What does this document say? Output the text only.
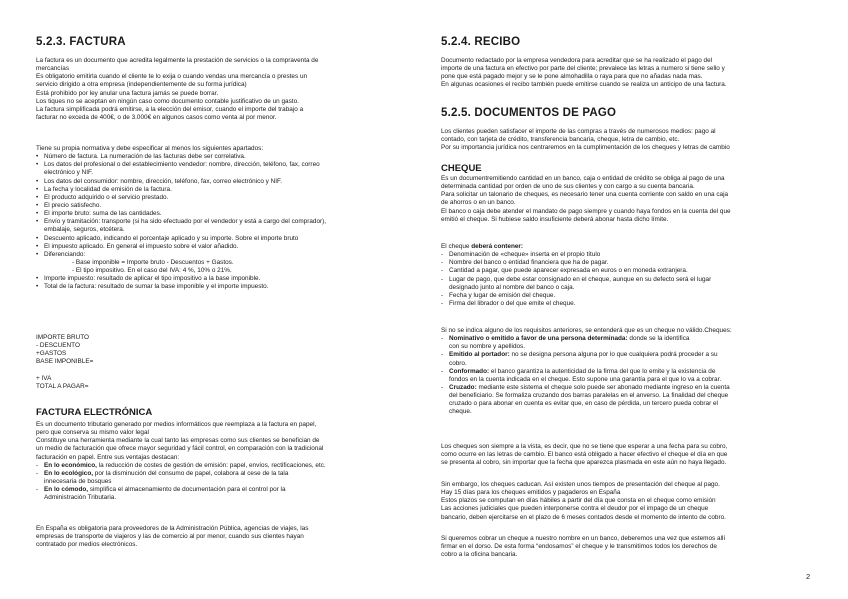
5.2.3. FACTURA
La factura es un documento que acredita legalmente la prestación de servicios o la compraventa de
mercancías
Es obligatorio emitirla cuando el cliente te lo exija o cuando vendas una mercancía o prestes un
servicio dirigido a otra empresa (independientemente de su forma jurídica)
Está prohibido por ley anular una factura jamás se puede borrar.
Los tiques no se aceptan en ningún caso como documento contable justificativo de un gasto.
La factura simplificada podrá emitirse, a la elección del emisor, cuando el importe del trabajo a
facturar no exceda de 400€, o de 3.000€ en algunos casos como venta al por menor.
Tiene su propia normativa y debe especificar al menos los siguientes apartados:
• Número de factura. La numeración de las facturas debe ser correlativa.
• Los datos del profesional o del establecimiento vendedor: nombre, dirección, teléfono, fax, correo
electrónico y NIF.
• Los datos del consumidor: nombre, dirección, teléfono, fax, correo electrónico y NIF.
• La fecha y localidad de emisión de la factura.
• El producto adquirido o el servicio prestado.
• El precio satisfecho.
• El importe bruto: suma de las cantidades.
• Envío y tramitación: transporte (si ha sido efectuado por el vendedor y está a cargo del comprador),
embalaje, seguros, etcétera.
• Descuento aplicado, indicando el porcentaje aplicado y su importe. Sobre el importe bruto
• El impuesto aplicado. En general el impuesto sobre el valor añadido.
• Diferenciando:
- Base imponible = Importe bruto - Descuentos + Gastos.
- El tipo impositivo. En el caso del IVA: 4 %, 10% o 21%.
• Importe impuesto: resultado de aplicar el tipo impositivo a la base imponible.
• Total de la factura: resultado de sumar la base imponible y el importe impuesto.
IMPORTE BRUTO
- DESCUENTO
+GASTOS
BASE IMPONIBLE=
+ IVA
TOTAL A PAGAR=
FACTURA ELECTRÓNICA
Es un documento tributario generado por medios informáticos que reemplaza a la factura en papel,
pero que conserva su mismo valor legal
Constituye una herramienta mediante la cual tanto las empresas como sus clientes se benefician de
un medio de facturación que ofrece mayor seguridad y fácil control, en comparación con la tradicional
facturación en papel. Entre sus ventajas destacan:
- En lo económico, la reducción de costes de gestión de emisión: papel, envíos, rectificaciones, etc.
- En lo ecológico, por la disminución del consumo de papel, colabora al cese de la tala
innecesaria de bosques
- En lo cómodo, simplifica el almacenamiento de documentación para el control por la
Administración Tributaria.
En España es obligatoria para proveedores de la Administración Pública, agencias de viajes, las
empresas de transporte de viajeros y las de comercio al por menor, cuando sus clientes hayan
contratado por medios electrónicos.
5.2.4. RECIBO
Documento redactado por la empresa vendedora para acreditar que se ha realizado el pago del
importe de una factura en efectivo por parte del cliente; prevalece las letras a numero si tiene sello y
pone que está pagado mejor y se le pone almohadilla o raya para que no añadas nada mas.
En algunas ocasiones el recibo también puede emitirse cuando se realiza un anticipo de una factura.
5.2.5. DOCUMENTOS DE PAGO
Los clientes pueden satisfacer el importe de las compras a través de numerosos medios: pago al
contado, con tarjeta de crédito, transferencia bancaria, cheque, letra de cambio, etc.
Por su importancia jurídica nos centraremos en la cumplimentación de los cheques y letras de cambio
CHEQUE
Es un documentremitiendo cantidad en un banco, caja o entidad de crédito se obliga al pago de una
determinada cantidad por orden de uno de sus clientes y con cargo a su cuenta bancaria.
Para solicitar un talonario de cheques, es necesario tener una cuenta corriente con saldo en una caja
de ahorros o en un banco.
El banco o caja debe atender el mandato de pago siempre y cuando haya fondos en la cuenta del que
emitió el cheque. Si hubiese saldo insuficiente deberá abonar hasta dicho límite.
El cheque deberá contener:
- Denominación de «cheque» inserta en el propio título
- Nombre del banco o entidad financiera que ha de pagar.
- Cantidad a pagar, que puede aparecer expresada en euros o en moneda extranjera.
- Lugar de pago, que debe estar consignado en el cheque, aunque en su defecto será el lugar
designado junto al nombre del banco o caja.
- Fecha y lugar de emisión del cheque.
- Firma del librador o del que emite el cheque.
Si no se indica alguno de los requisitos anteriores, se entenderá que es un cheque no válido.Cheques:
- Nominativo o emitido a favor de una persona determinada: donde se la identifica
con su nombre y apellidos.
- Emitido al portador: no se designa persona alguna por lo que cualquiera podrá proceder a su
cobro.
- Conformado: el banco garantiza la autenticidad de la firma del que lo emite y la existencia de
fondos en la cuenta indicada en el cheque. Esto supone una garantía para el que lo va a cobrar.
- Cruzado: mediante este sistema el cheque solo puede ser abonado mediante ingreso en la cuenta
del beneficiario. Se formaliza cruzando dos barras paralelas en el anverso. La finalidad del cheque
cruzado o para abonar en cuenta es evitar que, en caso de pérdida, un tercero pueda cobrar el
cheque.
Los cheques son siempre a la vista, es decir, que no se tiene que esperar a una fecha para su cobro,
como ocurre en las letras de cambio. El banco está obligado a hacer efectivo el cheque el día en que
se presenta al cobro, sin importar que la fecha que aparezca plasmada en este aún no haya llegado.
Sin embargo, los cheques caducan. Así existen unos tiempos de presentación del cheque al pago.
Hay 15 días para los cheques emitidos y pagaderos en España
Estos plazos se computan en días hábiles a partir del día que consta en el cheque como emisión
Las acciones judiciales que pueden interponerse contra el deudor por el impago de un cheque
bancario, deben ejercitarse en el plazo de 6 meses contados desde el momento de intento de cobro.
Si queremos cobrar un cheque a nuestro nombre en un banco, deberemos una vez que estemos allí
firmar en el dorso. De esta forma “endosamos” el cheque y le transmitimos todos los derechos de
cobro a la oficina bancaria.
2
